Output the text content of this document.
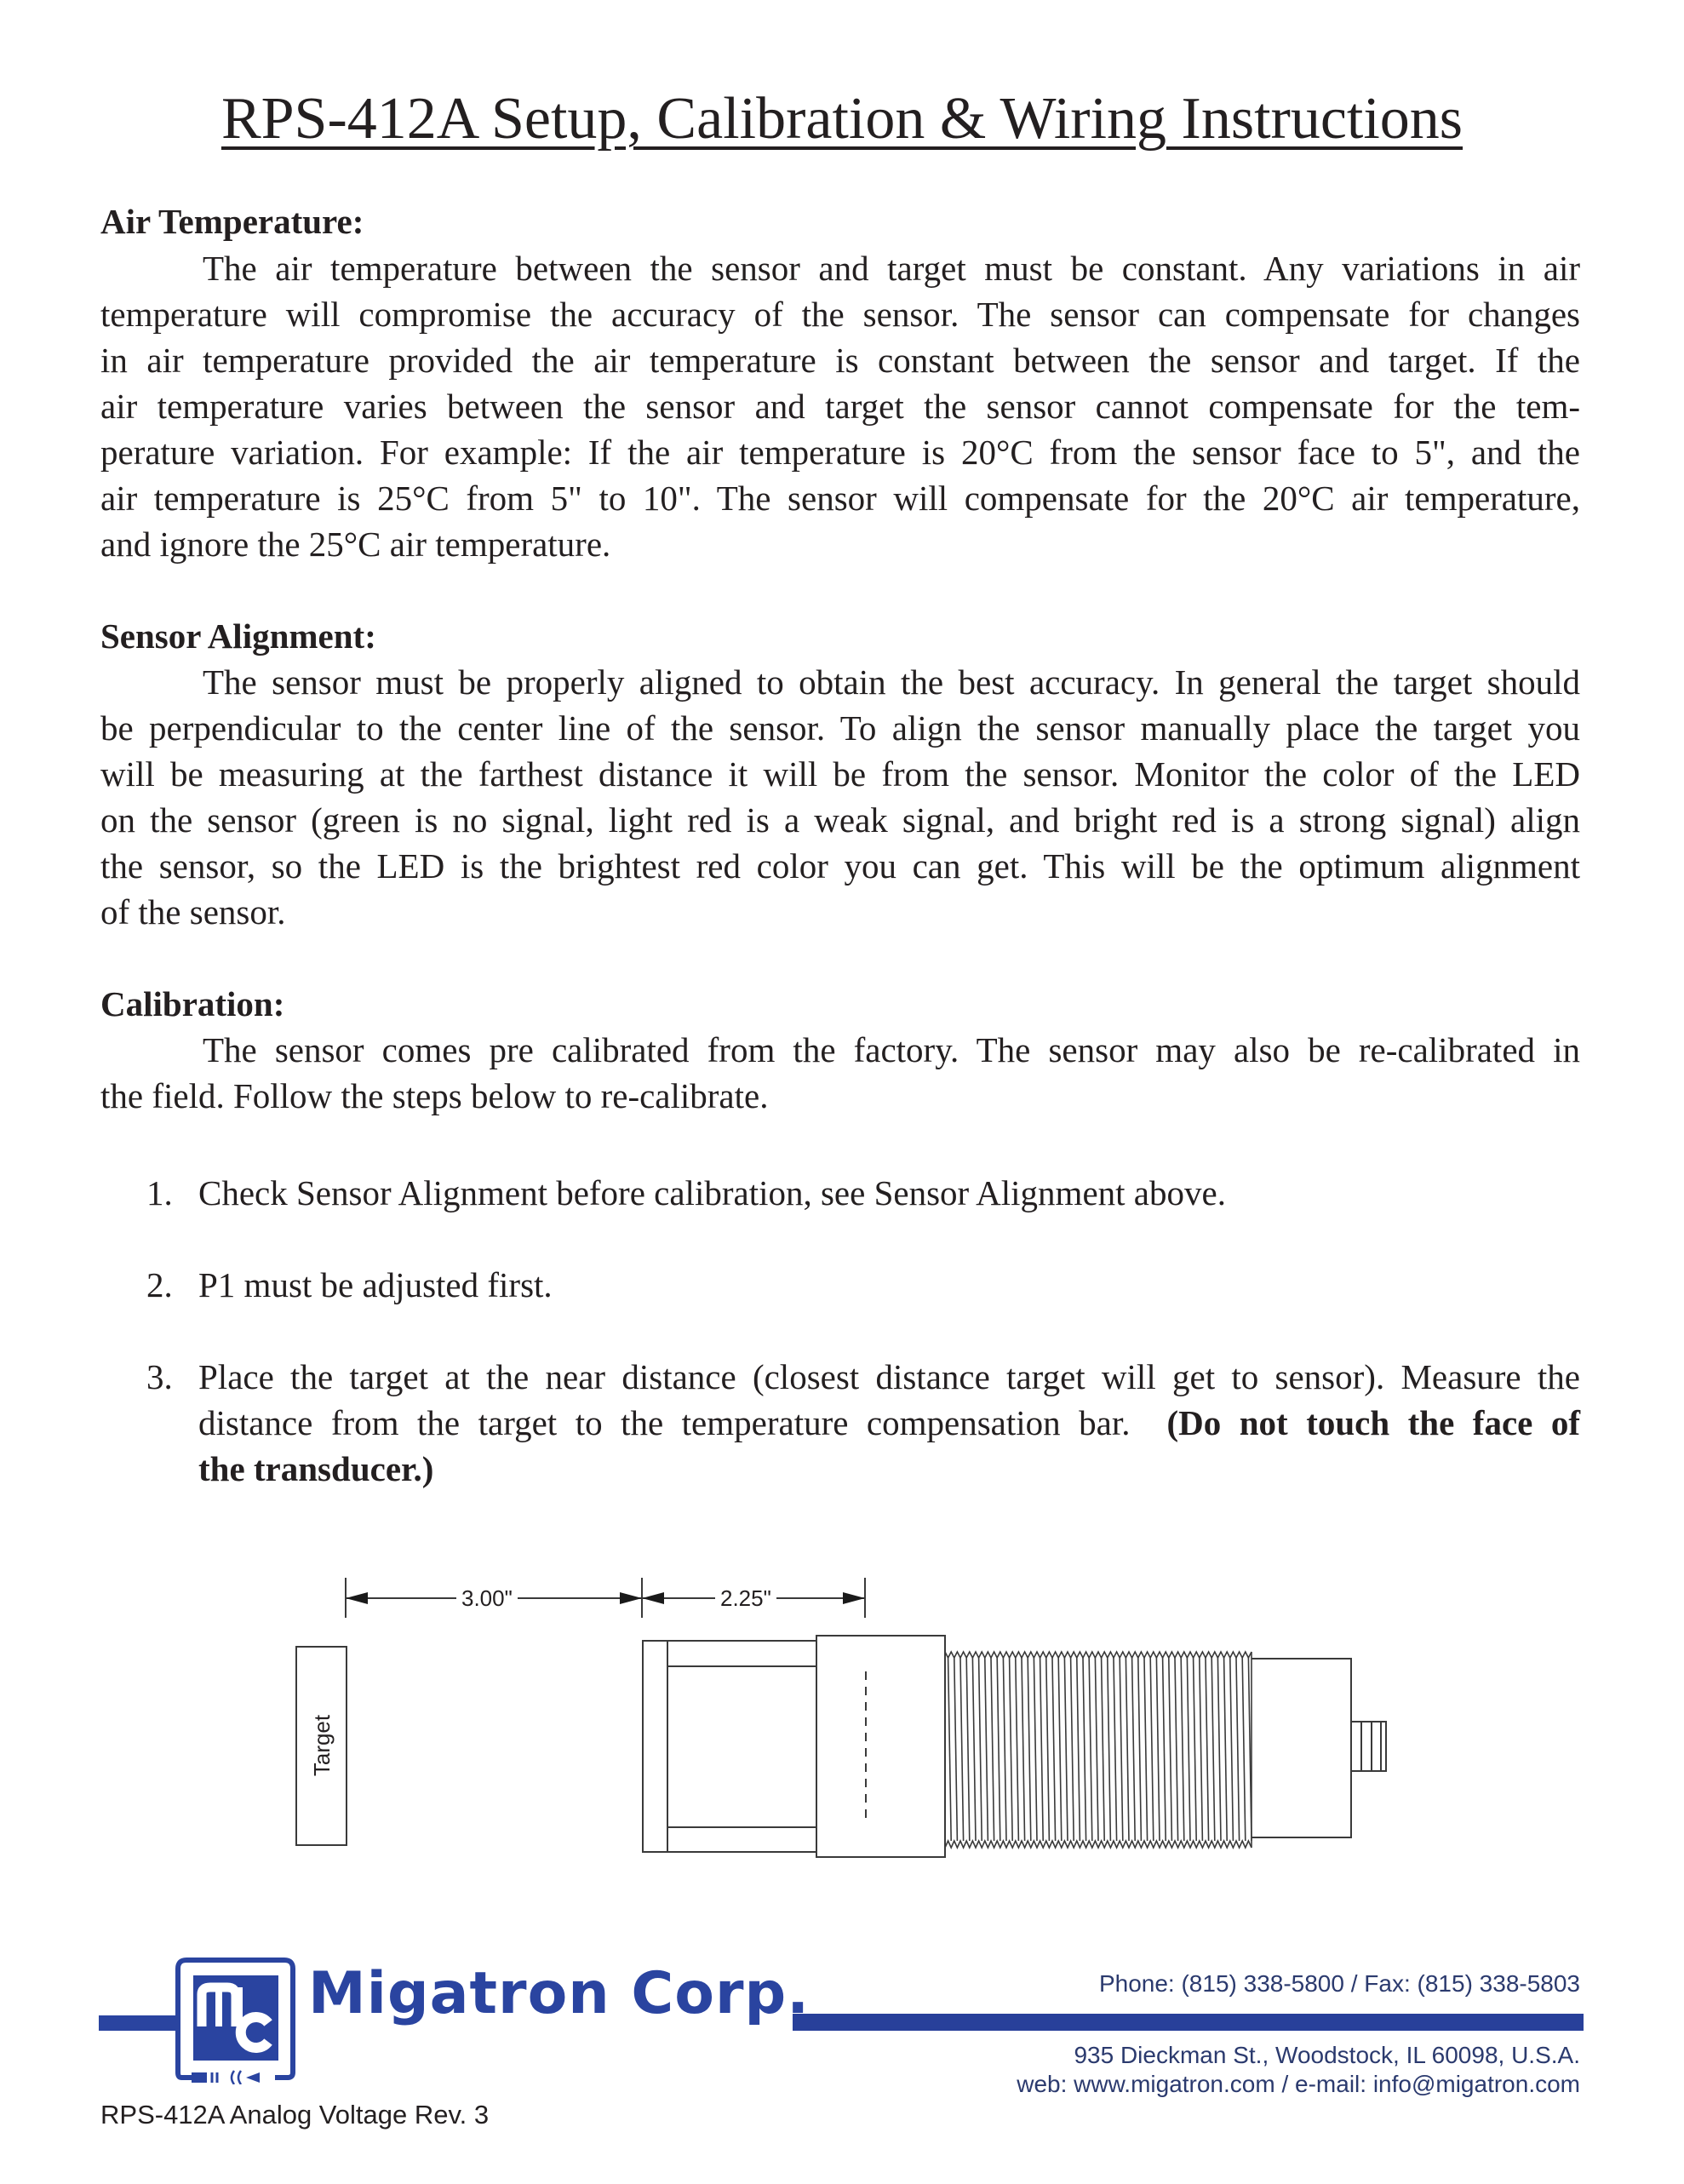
RPS-412A Setup, Calibration & Wiring Instructions
Air Temperature:
The air temperature between the sensor and target must be constant. Any variations in air
temperature will compromise the accuracy of the sensor. The sensor can compensate for changes
in air temperature provided the air temperature is constant between the sensor and target. If the
air temperature varies between the sensor and target the sensor cannot compensate for the tem-
perature variation. For example: If the air temperature is 20°C from the sensor face to 5", and the
air temperature is 25°C from 5" to 10". The sensor will compensate for the 20°C air temperature,
and ignore the 25°C air temperature.
Sensor Alignment:
The sensor must be properly aligned to obtain the best accuracy. In general the target should
be perpendicular to the center line of the sensor. To align the sensor manually place the target you
will be measuring at the farthest distance it will be from the sensor. Monitor the color of the LED
on the sensor (green is no signal, light red is a weak signal, and bright red is a strong signal) align
the sensor, so the LED is the brightest red color you can get. This will be the optimum alignment
of the sensor.
Calibration:
The sensor comes pre calibrated from the factory. The sensor may also be re-calibrated in
the field. Follow the steps below to re-calibrate.
1. Check Sensor Alignment before calibration, see Sensor Alignment above.
2. P1 must be adjusted first.
3. Place the target at the near distance (closest distance target will get to sensor). Measure the
distance from the target to the temperature compensation bar.  (Do not touch the face of
the transducer.)
3.00"	2.25"
Target
Migatron Corp.	Phone: (815) 338-5800 / Fax: (815) 338-5803
935 Dieckman St., Woodstock, IL 60098, U.S.A.
web: www.migatron.com / e-mail: info@migatron.com
RPS-412A Analog Voltage Rev. 3
